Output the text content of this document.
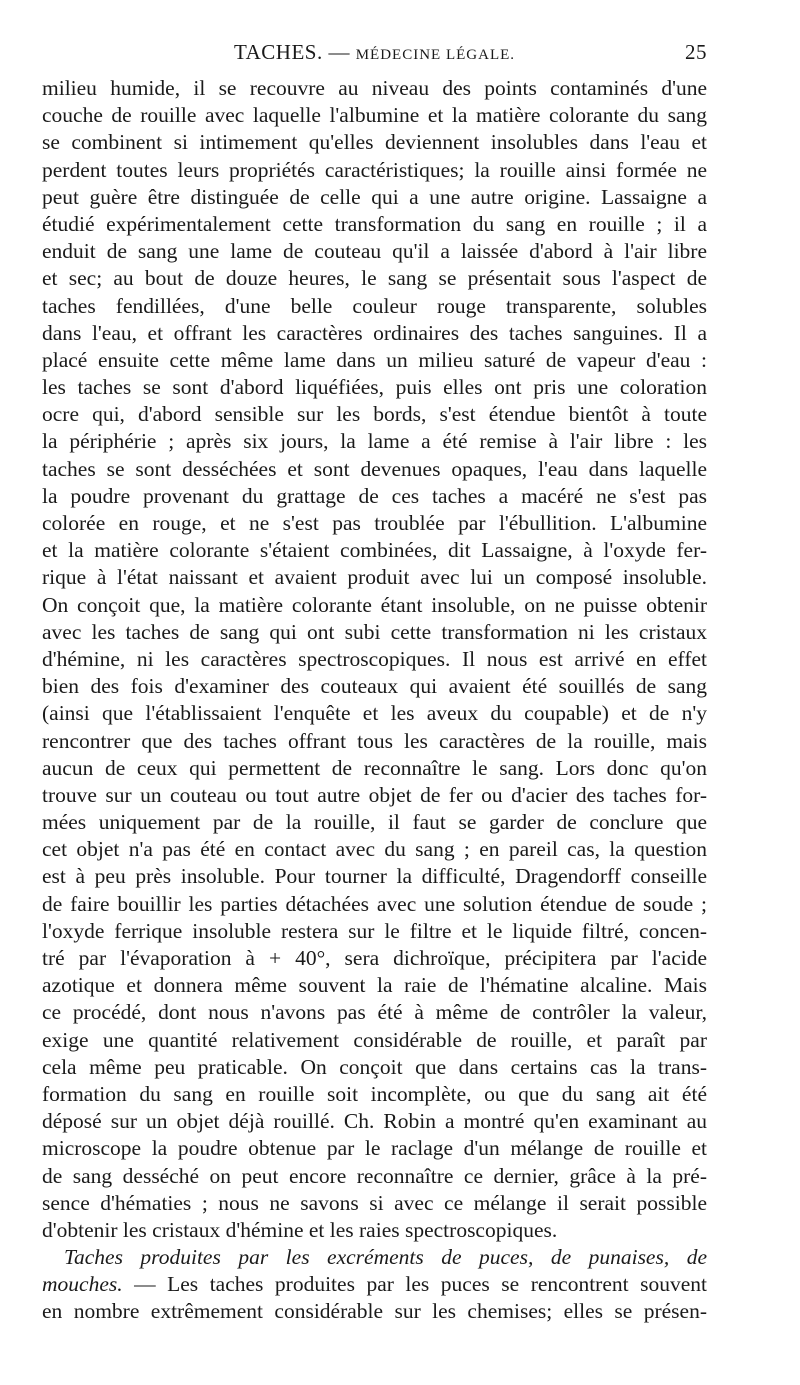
TACHES. — MÉDECINE LÉGALE.	25
milieu humide, il se recouvre au niveau des points contaminés d'une
couche de rouille avec laquelle l'albumine et la matière colorante du sang
se combinent si intimement qu'elles deviennent insolubles dans l'eau et
perdent toutes leurs propriétés caractéristiques; la rouille ainsi formée ne
peut guère être distinguée de celle qui a une autre origine. Lassaigne a
étudié expérimentalement cette transformation du sang en rouille ; il a
enduit de sang une lame de couteau qu'il a laissée d'abord à l'air libre
et sec; au bout de douze heures, le sang se présentait sous l'aspect de
taches fendillées, d'une belle couleur rouge transparente, solubles
dans l'eau, et offrant les caractères ordinaires des taches sanguines. Il a
placé ensuite cette même lame dans un milieu saturé de vapeur d'eau :
les taches se sont d'abord liquéfiées, puis elles ont pris une coloration
ocre qui, d'abord sensible sur les bords, s'est étendue bientôt à toute
la périphérie ; après six jours, la lame a été remise à l'air libre : les
taches se sont desséchées et sont devenues opaques, l'eau dans laquelle
la poudre provenant du grattage de ces taches a macéré ne s'est pas
colorée en rouge, et ne s'est pas troublée par l'ébullition. L'albumine
et la matière colorante s'étaient combinées, dit Lassaigne, à l'oxyde fer-
rique à l'état naissant et avaient produit avec lui un composé insoluble.
On conçoit que, la matière colorante étant insoluble, on ne puisse obtenir
avec les taches de sang qui ont subi cette transformation ni les cristaux
d'hémine, ni les caractères spectroscopiques. Il nous est arrivé en effet
bien des fois d'examiner des couteaux qui avaient été souillés de sang
(ainsi que l'établissaient l'enquête et les aveux du coupable) et de n'y
rencontrer que des taches offrant tous les caractères de la rouille, mais
aucun de ceux qui permettent de reconnaître le sang. Lors donc qu'on
trouve sur un couteau ou tout autre objet de fer ou d'acier des taches for-
mées uniquement par de la rouille, il faut se garder de conclure que
cet objet n'a pas été en contact avec du sang ; en pareil cas, la question
est à peu près insoluble. Pour tourner la difficulté, Dragendorff conseille
de faire bouillir les parties détachées avec une solution étendue de soude ;
l'oxyde ferrique insoluble restera sur le filtre et le liquide filtré, concen-
tré par l'évaporation à + 40°, sera dichroïque, précipitera par l'acide
azotique et donnera même souvent la raie de l'hématine alcaline. Mais
ce procédé, dont nous n'avons pas été à même de contrôler la valeur,
exige une quantité relativement considérable de rouille, et paraît par
cela même peu praticable. On conçoit que dans certains cas la trans-
formation du sang en rouille soit incomplète, ou que du sang ait été
déposé sur un objet déjà rouillé. Ch. Robin a montré qu'en examinant au
microscope la poudre obtenue par le raclage d'un mélange de rouille et
de sang desséché on peut encore reconnaître ce dernier, grâce à la pré-
sence d'hématies ; nous ne savons si avec ce mélange il serait possible
d'obtenir les cristaux d'hémine et les raies spectroscopiques.
Taches produites par les excréments de puces, de punaises, de
mouches. — Les taches produites par les puces se rencontrent souvent
en nombre extrêmement considérable sur les chemises; elles se présen-
